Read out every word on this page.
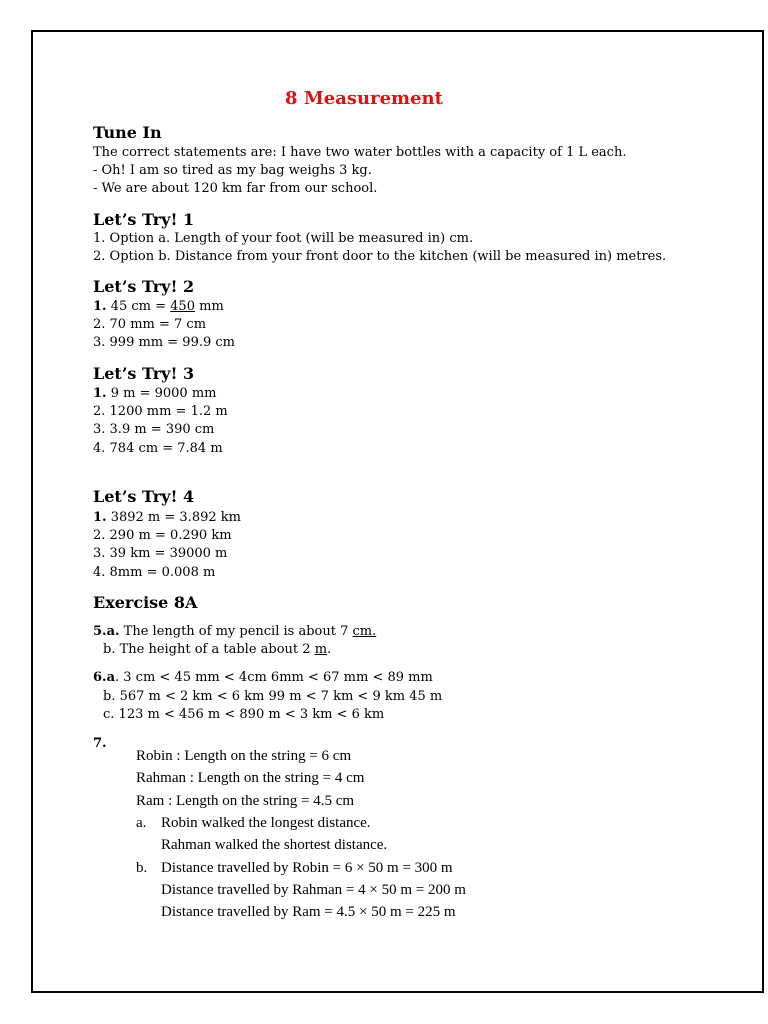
8 Measurement
Tune In
The correct statements are: I have two water bottles with a capacity of 1 L each.
- Oh! I am so tired as my bag weighs 3 kg.
- We are about 120 km far from our school.
Let’s Try! 1
1. Option a. Length of your foot (will be measured in) cm.
2. Option b. Distance from your front door to the kitchen (will be measured in) metres.
Let’s Try! 2
1. 45 cm = 450 mm
2. 70 mm = 7 cm
3. 999 mm = 99.9 cm
Let’s Try! 3
1. 9 m = 9000 mm
2. 1200 mm = 1.2 m
3. 3.9 m = 390 cm
4. 784 cm = 7.84 m
Let’s Try! 4
1. 3892 m = 3.892 km
2. 290 m = 0.290 km
3. 39 km = 39000 m
4. 8mm = 0.008 m
Exercise 8A
5.a. The length of my pencil is about 7 cm.
b. The height of a table about 2 m.
6.a. 3 cm < 45 mm < 4cm 6mm < 67 mm < 89 mm
b. 567 m < 2 km < 6 km 99 m < 7 km < 9 km 45 m
c. 123 m < 456 m < 890 m < 3 km < 6 km
7.
Robin : Length on the string = 6 cm
Rahman : Length on the string = 4 cm
Ram : Length on the string = 4.5 cm
a. Robin walked the longest distance.
Rahman walked the shortest distance.
b. Distance travelled by Robin = 6 × 50 m = 300 m
Distance travelled by Rahman = 4 × 50 m = 200 m
Distance travelled by Ram = 4.5 × 50 m = 225 m
